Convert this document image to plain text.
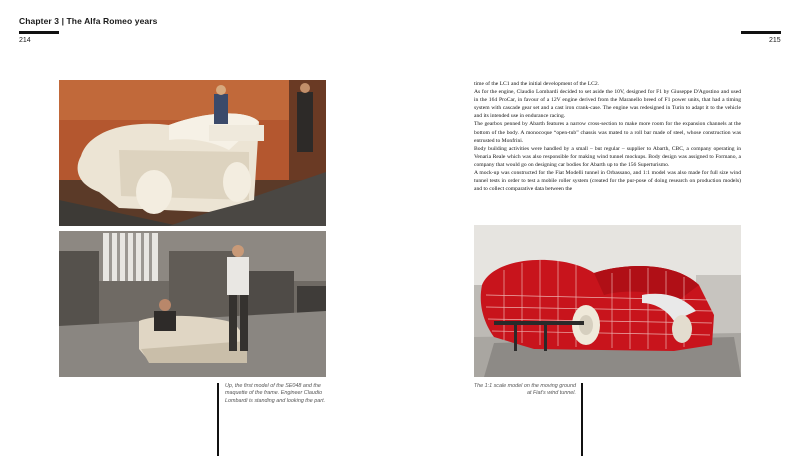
Chapter 3 | The Alfa Romeo years
214	215

time of the LC1 and the initial development of the LC2.

As for the engine, Claudio Lombardi decided to set aside the 10V, designed for F1 by Giuseppe D'Agostino and used in the 164 ProCar, in favour of a 12V engine derived from the Maranello breed of F1 power units, that had a timing system with cascade gear set and a cast iron crank-case. The engine was redesigned in Turin to adapt it to the vehicle and its intended use in endurance racing.

The gearbox penned by Abarth features a narrow cross-section to make more room for the expansion channels at the bottom of the body. A monocoque “open-tub” chassis was mated to a roll bar made of steel, whose construction was entrusted to Monfrini.

Body building activities were handled by a small – but regular – supplier to Abarth, CBC, a company operating in Venaria Reale which was also responsible for making wind tunnel mockups. Body design was assigned to Formano, a company that would go on designing car bodies for Abarth up to the 156 Superturismo.

A mock-up was constructed for the Fiat Modelli tunnel in Orbassano, and 1:1 model was also made for full size wind tunnel tests in order to test a mobile roller system (created for the pur-pose of doing research on production models) and to collect comparative data between the

Up, the first model of the SE048 and the maquette of the frame. Engineer Claudio Lombardi is standing and looking the part.
The 1:1 scale model on the moving ground at Fiat's wind tunnel.
